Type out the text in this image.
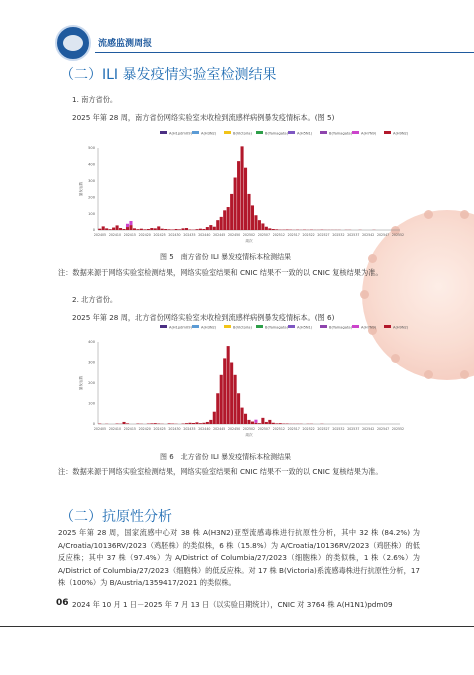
流感监测周报
（二）ILI 暴发疫情实验室检测结果
1. 南方省份。
2025 年第 28 周，南方省份网络实验室未收检到流感样病例暴发疫情标本。(图 5)
A(H1pdm09)	A(H3N2)	B(Victoria)	B(Yamagata)	A(H5N1)	B(Yamagata)	A(H7N9)	A(H9N2)
0
100
200
300
400
500
暴发起数
202405 202410 202415 202420 202425 202430 202435 202440 202445 202450 202502 202507 202512 202517 202522 202527 202532 202537 202542 202547 202552
周次
图 5　南方省份 ILI 暴发疫情标本检测结果
注：数据来源于网络实验室检测结果，网络实验室结果和 CNIC 结果不一致的以 CNIC 复核结果为准。
2. 北方省份。
2025 年第 28 周，北方省份网络实验室未收检到流感样病例暴发疫情标本。(图 6)
A(H1pdm09)	A(H3N2)	B(Victoria)	B(Yamagata)	A(H5N1)	B(Yamagata)	A(H7N9)	A(H9N2)
0
100
200
300
400
暴发起数
202405 202410 202415 202420 202425 202430 202435 202440 202445 202450 202502 202507 202512 202517 202522 202527 202532 202537 202542 202547 202552
周次
图 6　北方省份 ILI 暴发疫情标本检测结果
注：数据来源于网络实验室检测结果，网络实验室结果和 CNIC 结果不一致的以 CNIC 复核结果为准。
（二）抗原性分析
2025 年第 28 周，国家流感中心对 38 株 A(H3N2)亚型流感毒株进行抗原性分析，其中 32 株 (84.2%) 为 A/Croatia/10136RV/2023（鸡胚株）的类似株，6 株（15.8%）为 A/Croatia/10136RV/2023（鸡胚株）的低反应株；其中 37 株（97.4%）为 A/District of Columbia/27/2023（细胞株）的类似株，1 株（2.6%）为 A/District of Columbia/27/2023（细胞株）的低反应株。对 17 株 B(Victoria)系流感毒株进行抗原性分析，17 株（100%）为 B/Austria/1359417/2021 的类似株。
2024 年 10 月 1 日－2025 年 7 月 13 日（以实验日期统计），CNIC 对 3764 株 A(H1N1)pdm09
06
